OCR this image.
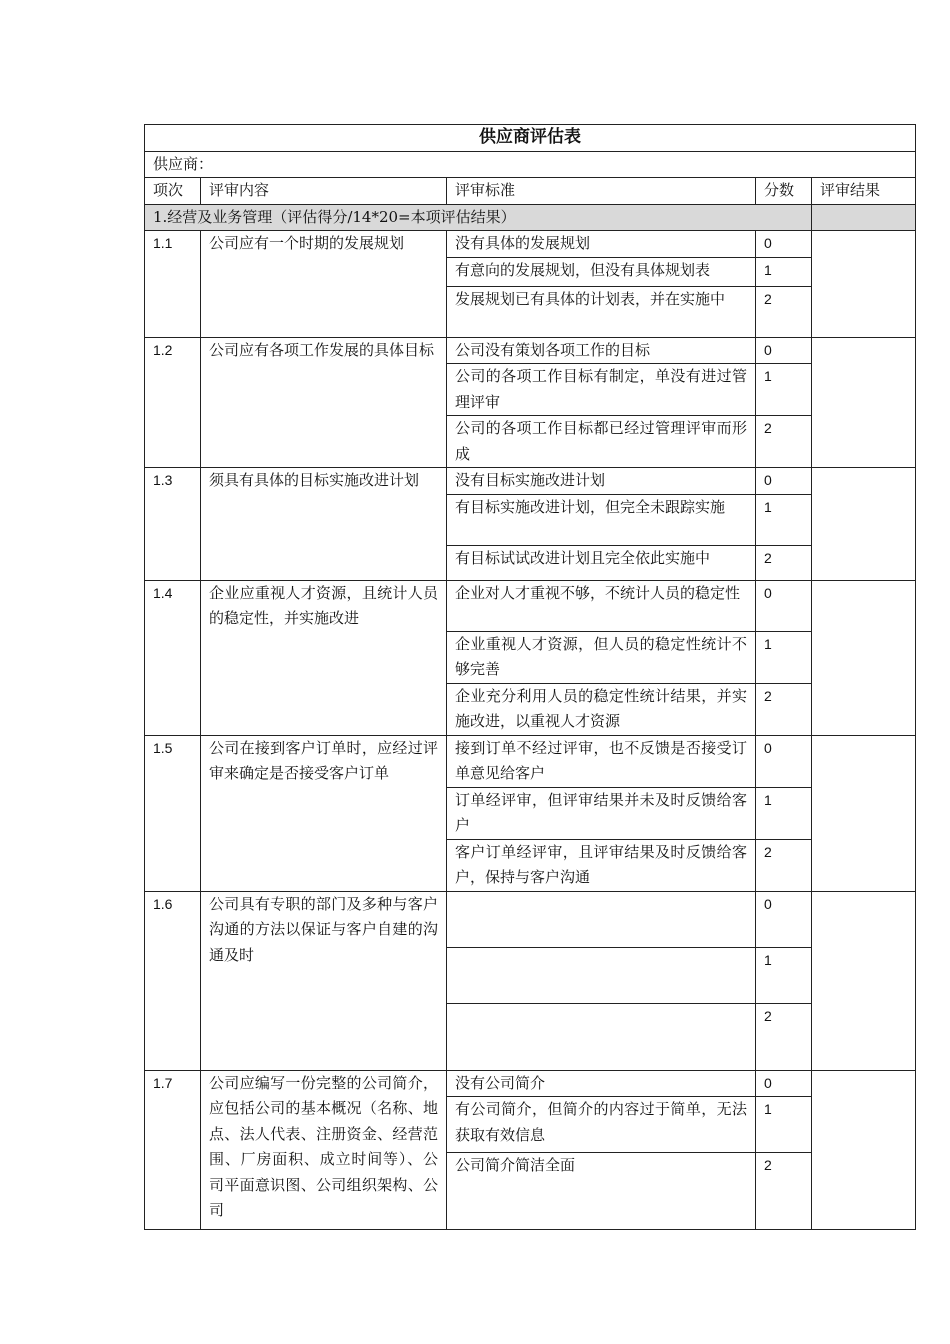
供应商评估表				
供应商：				
项次	评审内容	评审标准	分数	评审结果
1.经营及业务管理（评估得分/14*20=本项评估结果）				
1.1	公司应有一个时期的发展规划	没有具体的发展规划	0	
		有意向的发展规划，但没有具体规划表	1	
		发展规划已有具体的计划表，并在实施中	2	
1.2	公司应有各项工作发展的具体目标	公司没有策划各项工作的目标	0	
		公司的各项工作目标有制定，单没有进过管理评审	1	
		公司的各项工作目标都已经过管理评审而形成	2	
1.3	须具有具体的目标实施改进计划	没有目标实施改进计划	0	
		有目标实施改进计划，但完全未跟踪实施	1	
		有目标试试改进计划且完全依此实施中	2	
1.4	企业应重视人才资源，且统计人员的稳定性，并实施改进	企业对人才重视不够，不统计人员的稳定性	0	
		企业重视人才资源，但人员的稳定性统计不够完善	1	
		企业充分利用人员的稳定性统计结果，并实施改进，以重视人才资源	2	
1.5	公司在接到客户订单时，应经过评审来确定是否接受客户订单	接到订单不经过评审，也不反馈是否接受订单意见给客户	0	
		订单经评审，但评审结果并未及时反馈给客户	1	
		客户订单经评审，且评审结果及时反馈给客户，保持与客户沟通	2	
1.6	公司具有专职的部门及多种与客户沟通的方法以保证与客户自建的沟通及时		0	
			1	
			2	
1.7	公司应编写一份完整的公司简介，应包括公司的基本概况（名称、地点、法人代表、注册资金、经营范围、厂房面积、成立时间等）、公司平面意识图、公司组织架构、公司	没有公司简介	0	
		有公司简介，但简介的内容过于简单，无法获取有效信息	1	
		公司简介简洁全面	2	
